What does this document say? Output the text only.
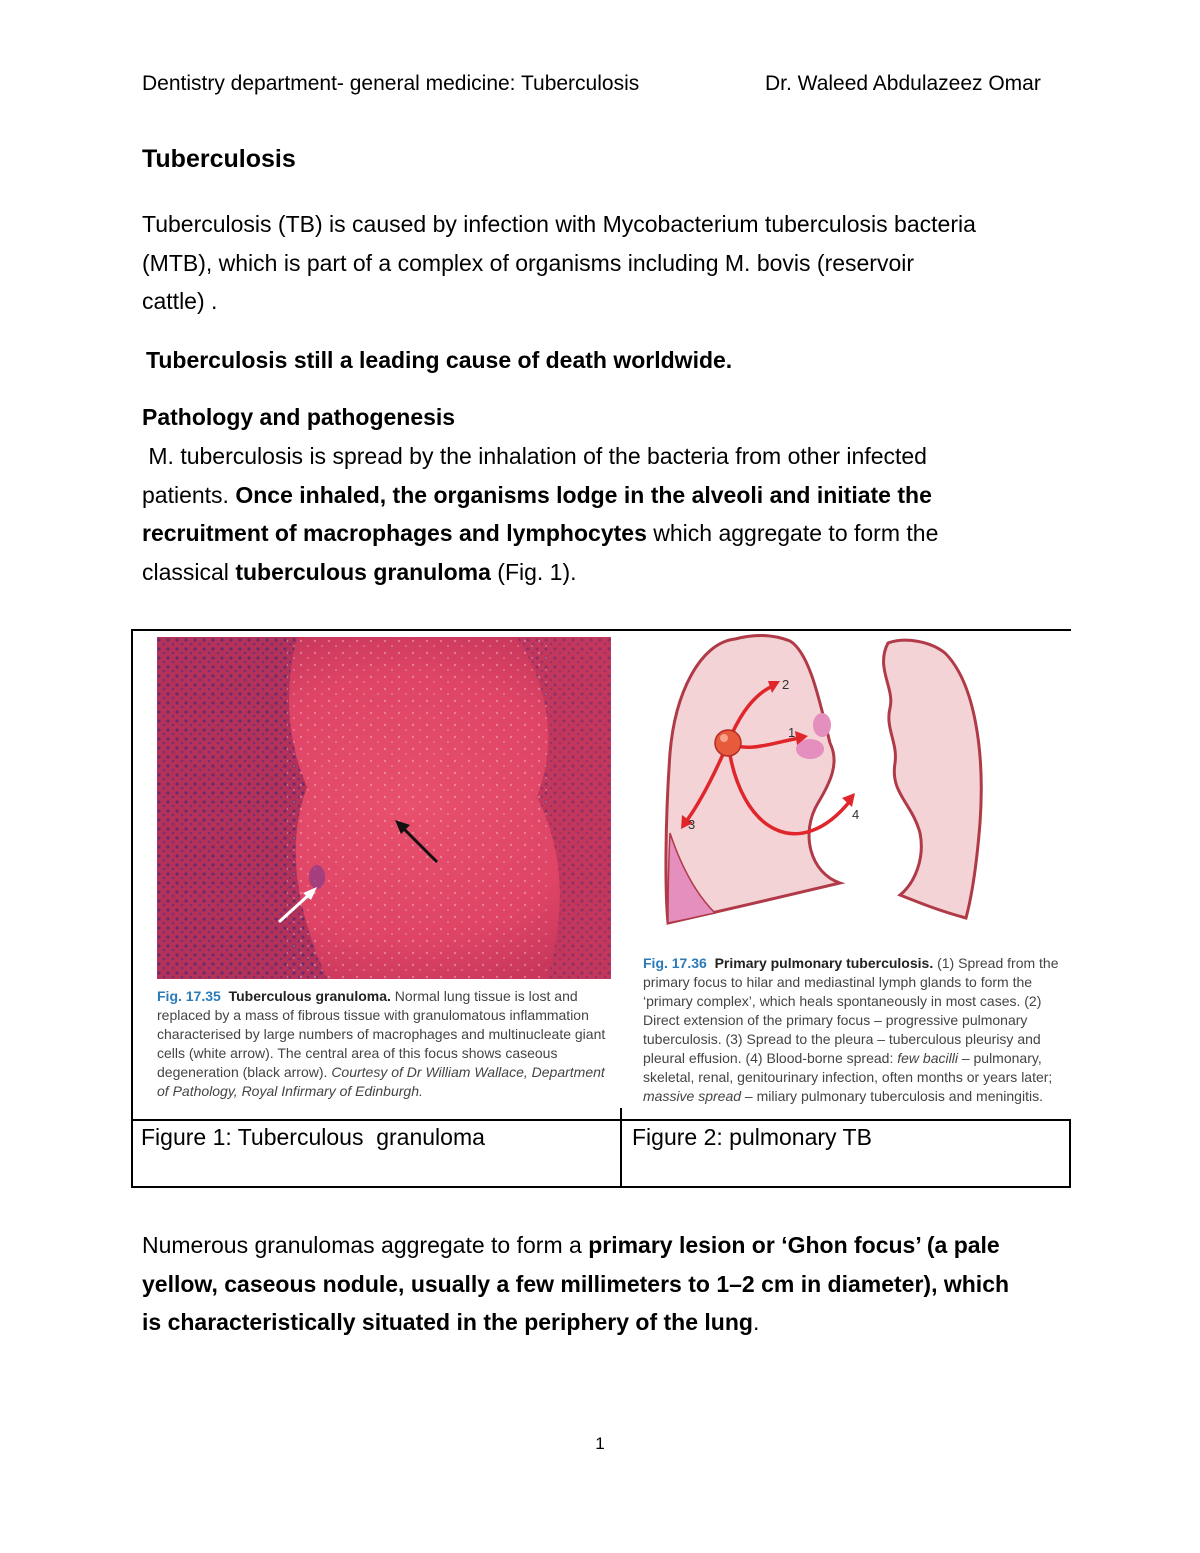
Dentistry department- general medicine: Tuberculosis	Dr. Waleed Abdulazeez Omar
Tuberculosis
Tuberculosis (TB) is caused by infection with Mycobacterium tuberculosis bacteria
(MTB), which is part of a complex of organisms including M. bovis (reservoir
cattle) .
Tuberculosis still a leading cause of death worldwide.
Pathology and pathogenesis
M. tuberculosis is spread by the inhalation of the bacteria from other infected
patients. Once inhaled, the organisms lodge in the alveoli and initiate the
recruitment of macrophages and lymphocytes which aggregate to form the
classical tuberculous granuloma (Fig. 1).
2
1
3
4
Fig. 17.35 Tuberculous granuloma. Normal lung tissue is lost and replaced by a mass of fibrous tissue with granulomatous inflammation characterised by large numbers of macrophages and multinucleate giant cells (white arrow). The central area of this focus shows caseous degeneration (black arrow). Courtesy of Dr William Wallace, Department of Pathology, Royal Infirmary of Edinburgh.
Fig. 17.36 Primary pulmonary tuberculosis. (1) Spread from the primary focus to hilar and mediastinal lymph glands to form the ‘primary complex’, which heals spontaneously in most cases. (2) Direct extension of the primary focus – progressive pulmonary tuberculosis. (3) Spread to the pleura – tuberculous pleurisy and pleural effusion. (4) Blood-borne spread: few bacilli – pulmonary, skeletal, renal, genitourinary infection, often months or years later; massive spread – miliary pulmonary tuberculosis and meningitis.
Figure 1: Tuberculous  granuloma	Figure 2: pulmonary TB
Numerous granulomas aggregate to form a primary lesion or ‘Ghon focus’ (a pale
yellow, caseous nodule, usually a few millimeters to 1–2 cm in diameter), which
is characteristically situated in the periphery of the lung.
1
